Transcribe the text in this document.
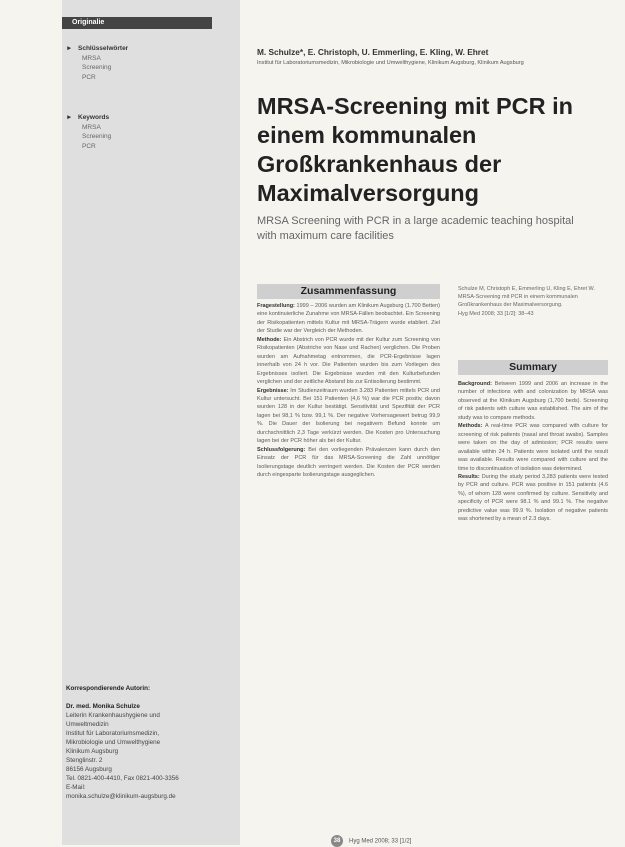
Originalie
► Schlüsselwörter
MRSA
Screening
PCR
► Keywords
MRSA
Screening
PCR
Korrespondierende Autorin:
Dr. med. Monika Schulze
Leiterin Krankenhaushygiene und
Umweltmedizin
Institut für Laboratoriumsmedizin,
Mikrobiologie und Umwelthygiene
Klinikum Augsburg
Stenglinstr. 2
86156 Augsburg
Tel. 0821-400-4410, Fax 0821-400-3356
E-Mail:
monika.schulze@klinikum-augsburg.de
M. Schulze*, E. Christoph, U. Emmerling, E. Kling, W. Ehret
Institut für Laboratoriumsmedizin, Mikrobiologie und Umwelthygiene, Klinikum Augsburg, Klinikum Augsburg
MRSA-Screening mit PCR in einem kommunalen Großkrankenhaus der Maximalversorgung
MRSA Screening with PCR in a large academic teaching hospital with maximum care facilities
Zusammenfassung

Fragestellung: 1999 – 2006 wurden am Klinikum Augsburg (1.700 Betten) eine kontinuierliche Zunahme von MRSA-Fällen beobachtet. Ein Screening der Risikopatienten mittels Kultur mit MRSA-Trägern wurde etabliert. Ziel der Studie war der Vergleich der Methoden.

Methode: Ein Abstrich von PCR wurde mit der Kultur zum Screening von Risikopatienten (Abstriche von Nase und Rachen) verglichen. Die Proben wurden am Aufnahmetag entnommen, die PCR-Ergebnisse lagen innerhalb von 24 h vor. Die Patienten wurden bis zum Vorliegen des Ergebnisses isoliert. Die Ergebnisse wurden mit den Kulturbefunden verglichen und der zeitliche Abstand bis zur Entisolierung bestimmt.

Ergebnisse: Im Studienzeitraum wurden 3.283 Patienten mittels PCR und Kultur untersucht. Bei 151 Patienten (4,6 %) war die PCR positiv, davon wurden 128 in der Kultur bestätigt. Sensitivität und Spezifität der PCR lagen bei 98,1 % bzw. 99,1 %. Der negative Vorhersagewert betrug 99,9 %. Die Dauer der Isolierung bei negativem Befund konnte um durchschnittlich 2,3 Tage verkürzt werden. Die Kosten pro Untersuchung lagen bei der PCR höher als bei der Kultur.

Schlussfolgerung: Bei den vorliegenden Prävalenzen kann durch den Einsatz der PCR für das MRSA-Screening die Zahl unnötiger Isolierungstage deutlich verringert werden. Die Kosten der PCR werden durch eingesparte Isolierungstage ausgeglichen.

Schulze M, Christoph E, Emmerling U, Kling E, Ehret W. MRSA-Screening mit PCR in einem kommunalen Großkrankenhaus der Maximalversorgung.
Hyg Med 2008; 33 [1/2]: 38–43
Summary

Background: Between 1999 and 2006 an increase in the number of infections with and colonization by MRSA was observed at the Klinikum Augsburg (1,700 beds). Screening of risk patients with culture was established. The aim of the study was to compare methods.

Methods: A real-time PCR was compared with culture for screening of risk patients (nasal and throat swabs). Samples were taken on the day of admission; PCR results were available within 24 h. Patients were isolated until the result was available. Results were compared with culture and the time to discontinuation of isolation was determined.

Results: During the study period 3,283 patients were tested by PCR and culture. PCR was positive in 151 patients (4.6 %), of whom 128 were confirmed by culture. Sensitivity and specificity of PCR were 98.1 % and 99.1 %. The negative predictive value was 99.9 %. Isolation of negative patients was shortened by a mean of 2.3 days.

38 Hyg Med 2008; 33 [1/2]
